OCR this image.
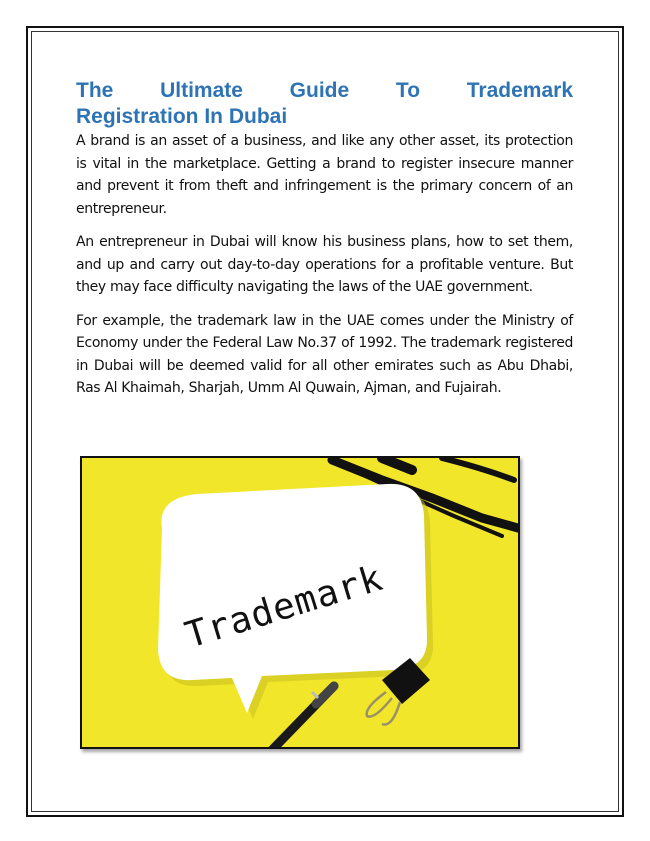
The Ultimate Guide To Trademark
Registration In Dubai

A brand is an asset of a business, and like any other asset, its protection is vital in the marketplace. Getting a brand to register insecure manner and prevent it from theft and infringement is the primary concern of an entrepreneur.

An entrepreneur in Dubai will know his business plans, how to set them, and up and carry out day-to-day operations for a profitable venture. But they may face difficulty navigating the laws of the UAE government.

For example, the trademark law in the UAE comes under the Ministry of Economy under the Federal Law No.37 of 1992. The trademark registered in Dubai will be deemed valid for all other emirates such as Abu Dhabi, Ras Al Khaimah, Sharjah, Umm Al Quwain, Ajman, and Fujairah.

Trademark
